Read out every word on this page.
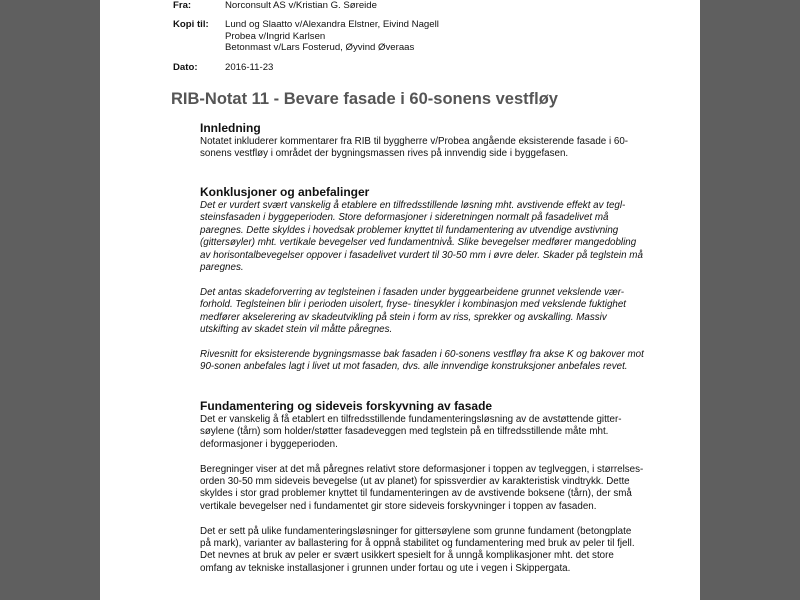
Fra:	Norconsult AS v/Kristian G. Søreide
Kopi til:	Lund og Slaatto v/Alexandra Elstner, Eivind Nagell
Probea v/Ingrid Karlsen
Betonmast v/Lars Fosterud, Øyvind Øveraas
Dato:	2016-11-23
RIB-Notat 11 - Bevare fasade i 60-sonens vestfløy
Innledning

Notatet inkluderer kommentarer fra RIB til byggherre v/Probea angående eksisterende fasade i 60-
sonens vestfløy i området der bygningsmassen rives på innvendig side i byggefasen.

Konklusjoner og anbefalinger

Det er vurdert svært vanskelig å etablere en tilfredsstillende løsning mht. avstivende effekt av tegl-
steinsfasaden i byggeperioden. Store deformasjoner i sideretningen normalt på fasadelivet må
paregnes. Dette skyldes i hovedsak problemer knyttet til fundamentering av utvendige avstivning
(gittersøyler) mht. vertikale bevegelser ved fundamentnivå. Slike bevegelser medfører mangedobling
av horisontalbevegelser oppover i fasadelivet vurdert til 30-50 mm i øvre deler. Skader på teglstein må
paregnes.

Det antas skadeforverring av teglsteinen i fasaden under byggearbeidene grunnet vekslende vær-
forhold. Teglsteinen blir i perioden uisolert, fryse- tinesykler i kombinasjon med vekslende fuktighet
medfører akselerering av skadeutvikling på stein i form av riss, sprekker og avskalling. Massiv
utskifting av skadet stein vil måtte påregnes.

Rivesnitt for eksisterende bygningsmasse bak fasaden i 60-sonens vestfløy fra akse K og bakover mot
90-sonen anbefales lagt i livet ut mot fasaden, dvs. alle innvendige konstruksjoner anbefales revet.

Fundamentering og sideveis forskyvning av fasade

Det er vanskelig å få etablert en tilfredsstillende fundamenteringsløsning av de avstøttende gitter-
søylene (tårn) som holder/støtter fasadeveggen med teglstein på en tilfredsstillende måte mht.
deformasjoner i byggeperioden.

Beregninger viser at det må påregnes relativt store deformasjoner i toppen av teglveggen, i størrelses-
orden 30-50 mm sideveis bevegelse (ut av planet) for spissverdier av karakteristisk vindtrykk. Dette
skyldes i stor grad problemer knyttet til fundamenteringen av de avstivende boksene (tårn), der små
vertikale bevegelser ned i fundamentet gir store sideveis forskyvninger i toppen av fasaden.

Det er sett på ulike fundamenteringsløsninger for gittersøylene som grunne fundament (betongplate
på mark), varianter av ballastering for å oppnå stabilitet og fundamentering med bruk av peler til fjell.
Det nevnes at bruk av peler er svært usikkert spesielt for å unngå komplikasjoner mht. det store
omfang av tekniske installasjoner i grunnen under fortau og ute i vegen i Skippergata.
